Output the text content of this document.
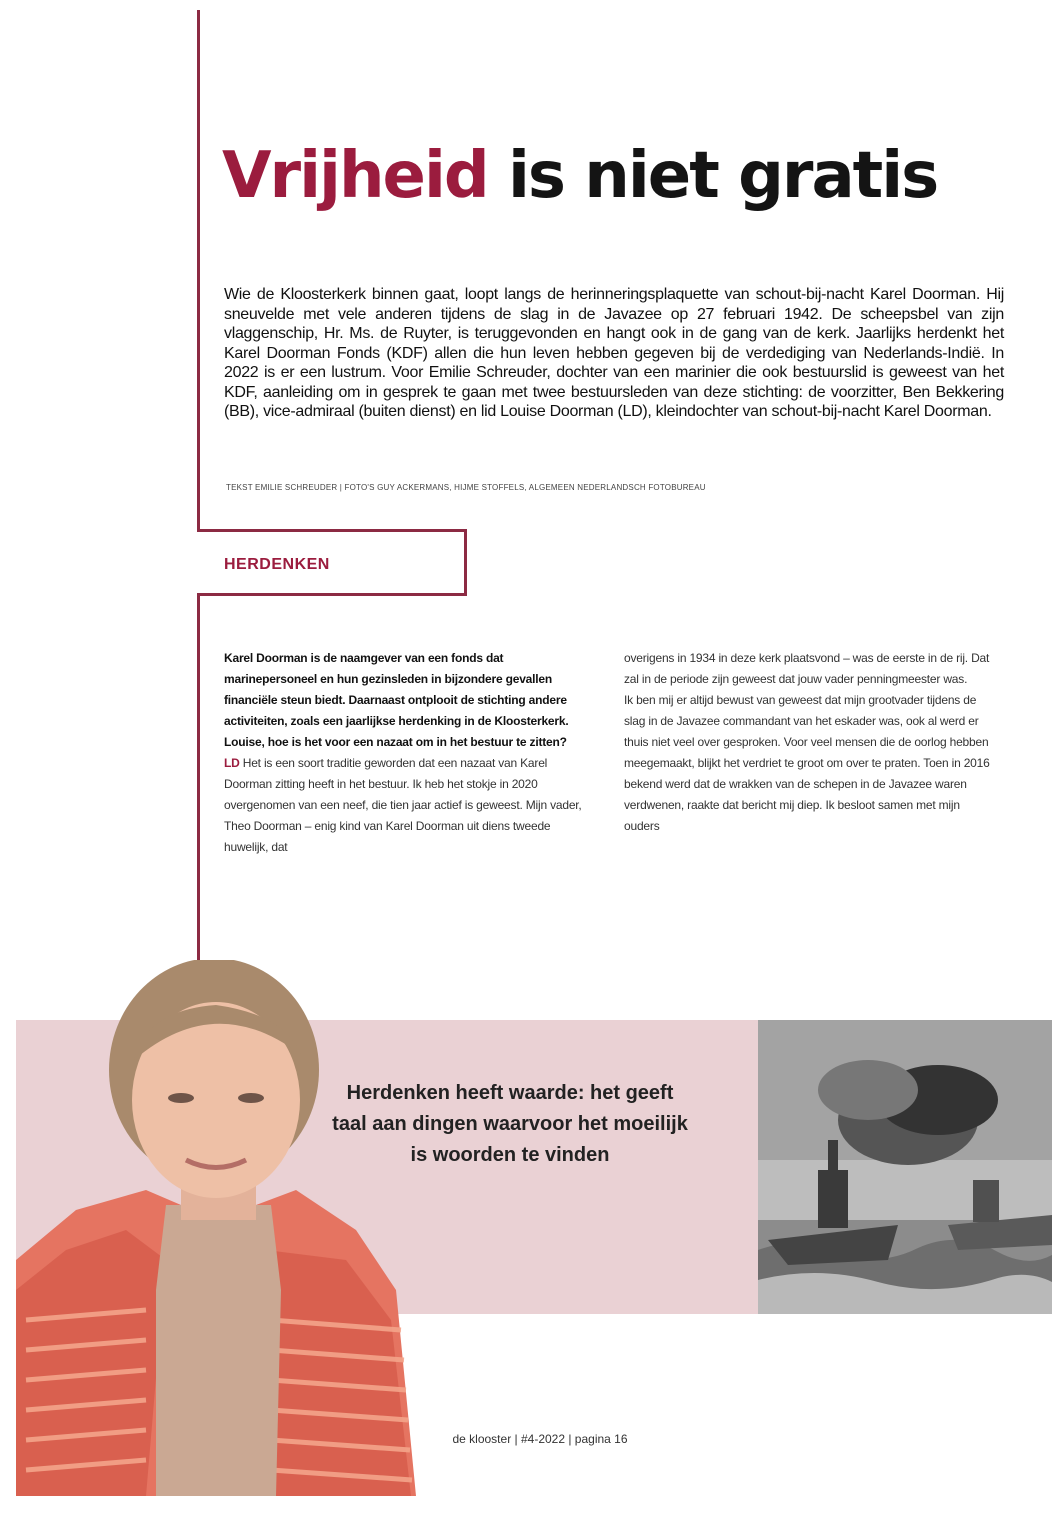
Vrijheid is niet gratis

Wie de Kloosterkerk binnen gaat, loopt langs de herinneringsplaquette van schout-bij-nacht Karel Doorman. Hij sneuvelde met vele anderen tijdens de slag in de Javazee op 27 februari 1942. De scheepsbel van zijn vlaggenschip, Hr. Ms. de Ruyter, is teruggevonden en hangt ook in de gang van de kerk. Jaarlijks herdenkt het Karel Doorman Fonds (KDF) allen die hun leven hebben gegeven bij de verdediging van Nederlands-Indië. In 2022 is er een lustrum. Voor Emilie Schreuder, dochter van een marinier die ook bestuurslid is geweest van het KDF, aanleiding om in gesprek te gaan met twee bestuursleden van deze stichting: de voorzitter, Ben Bekkering (BB), vice-admiraal (buiten dienst) en lid Louise Doorman (LD), kleindochter van schout-bij-nacht Karel Doorman.

TEKST EMILIE SCHREUDER | FOTO'S GUY ACKERMANS, HIJME STOFFELS, ALGEMEEN NEDERLANDSCH FOTOBUREAU
HERDENKEN

Karel Doorman is de naamgever van een fonds dat marinepersoneel en hun gezinsleden in bijzondere gevallen financiële steun biedt. Daarnaast ontplooit de stichting andere activiteiten, zoals een jaarlijkse herdenking in de Kloosterkerk. Louise, hoe is het voor een nazaat om in het bestuur te zitten?
LD Het is een soort traditie geworden dat een nazaat van Karel Doorman zitting heeft in het bestuur. Ik heb het stokje in 2020 overgenomen van een neef, die tien jaar actief is geweest. Mijn vader, Theo Doorman – enig kind van Karel Doorman uit diens tweede huwelijk, dat

overigens in 1934 in deze kerk plaatsvond – was de eerste in de rij. Dat zal in de periode zijn geweest dat jouw vader penningmeester was.

Ik ben mij er altijd bewust van geweest dat mijn grootvader tijdens de slag in de Javazee commandant van het eskader was, ook al werd er thuis niet veel over gesproken. Voor veel mensen die de oorlog hebben meegemaakt, blijkt het verdriet te groot om over te praten. Toen in 2016 bekend werd dat de wrakken van de schepen in de Javazee waren verdwenen, raakte dat bericht mij diep. Ik besloot samen met mijn ouders

Herdenken heeft waarde: het geeft taal aan dingen waarvoor het moeilijk is woorden te vinden

de klooster | #4-2022 | pagina 16
